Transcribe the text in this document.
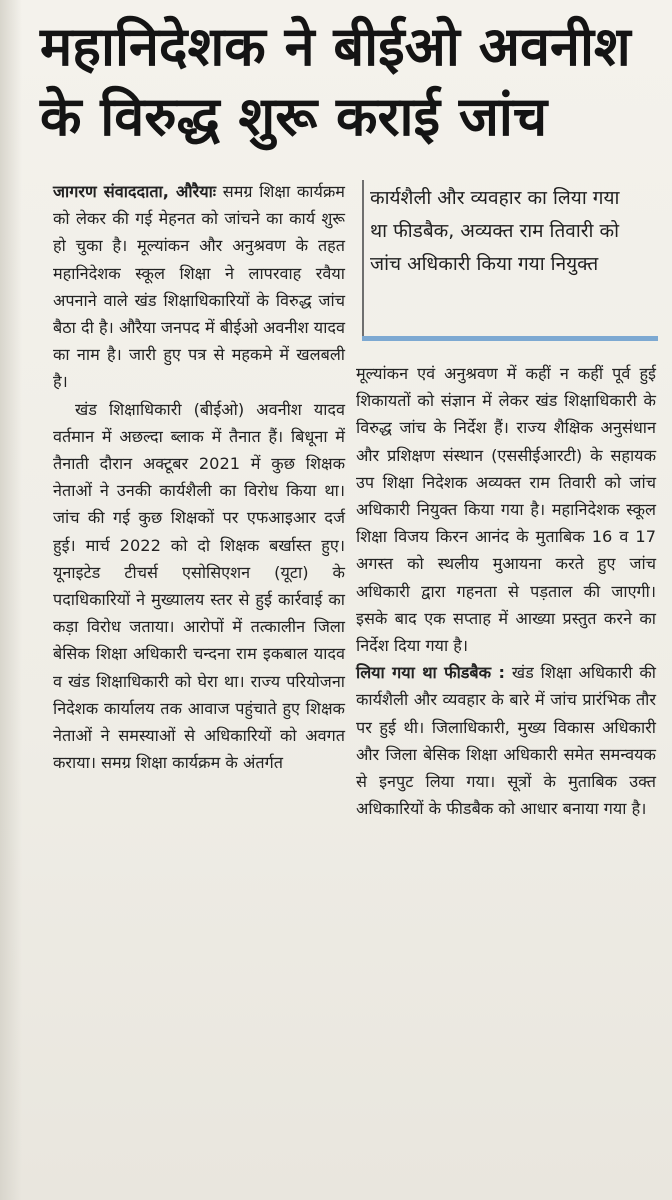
महानिदेशक ने बीईओ अवनीश
के विरुद्ध शुरू कराई जांच

जागरण संवाददाता, औरैयाः समग्र शिक्षा कार्यक्रम को लेकर की गई मेहनत को जांचने का कार्य शुरू हो चुका है। मूल्यांकन और अनुश्रवण के तहत महानिदेशक स्कूल शिक्षा ने लापरवाह रवैया अपनाने वाले खंड शिक्षाधिकारियों के विरुद्ध जांच बैठा दी है। औरैया जनपद में बीईओ अवनीश यादव का नाम है। जारी हुए पत्र से महकमे में खलबली है।

खंड शिक्षाधिकारी (बीईओ) अवनीश यादव वर्तमान में अछल्दा ब्लाक में तैनात हैं। बिधूना में तैनाती दौरान अक्टूबर 2021 में कुछ शिक्षक नेताओं ने उनकी कार्यशैली का विरोध किया था। जांच की गई कुछ शिक्षकों पर एफआइआर दर्ज हुई। मार्च 2022 को दो शिक्षक बर्खास्त हुए। यूनाइटेड टीचर्स एसोसिएशन (यूटा) के पदाधिकारियों ने मुख्यालय स्तर से हुई कार्रवाई का कड़ा विरोध जताया। आरोपों में तत्कालीन जिला बेसिक शिक्षा अधिकारी चन्दना राम इकबाल यादव व खंड शिक्षाधिकारी को घेरा था। राज्य परियोजना निदेशक कार्यालय तक आवाज पहुंचाते हुए शिक्षक नेताओं ने समस्याओं से अधिकारियों को अवगत कराया। समग्र शिक्षा कार्यक्रम के अंतर्गत

कार्यशैली और व्यवहार का लिया गया था फीडबैक, अव्यक्त राम तिवारी को जांच अधिकारी किया गया नियुक्त

मूल्यांकन एवं अनुश्रवण में कहीं न कहीं पूर्व हुई शिकायतों को संज्ञान में लेकर खंड शिक्षाधिकारी के विरुद्ध जांच के निर्देश हैं। राज्य शैक्षिक अनुसंधान और प्रशिक्षण संस्थान (एससीईआरटी) के सहायक उप शिक्षा निदेशक अव्यक्त राम तिवारी को जांच अधिकारी नियुक्त किया गया है। महानिदेशक स्कूल शिक्षा विजय किरन आनंद के मुताबिक 16 व 17 अगस्त को स्थलीय मुआयना करते हुए जांच अधिकारी द्वारा गहनता से पड़ताल की जाएगी। इसके बाद एक सप्ताह में आख्या प्रस्तुत करने का निर्देश दिया गया है।

लिया गया था फीडबैक : खंड शिक्षा अधिकारी की कार्यशैली और व्यवहार के बारे में जांच प्रारंभिक तौर पर हुई थी। जिलाधिकारी, मुख्य विकास अधिकारी और जिला बेसिक शिक्षा अधिकारी समेत समन्वयक से इनपुट लिया गया। सूत्रों के मुताबिक उक्त अधिकारियों के फीडबैक को आधार बनाया गया है।
